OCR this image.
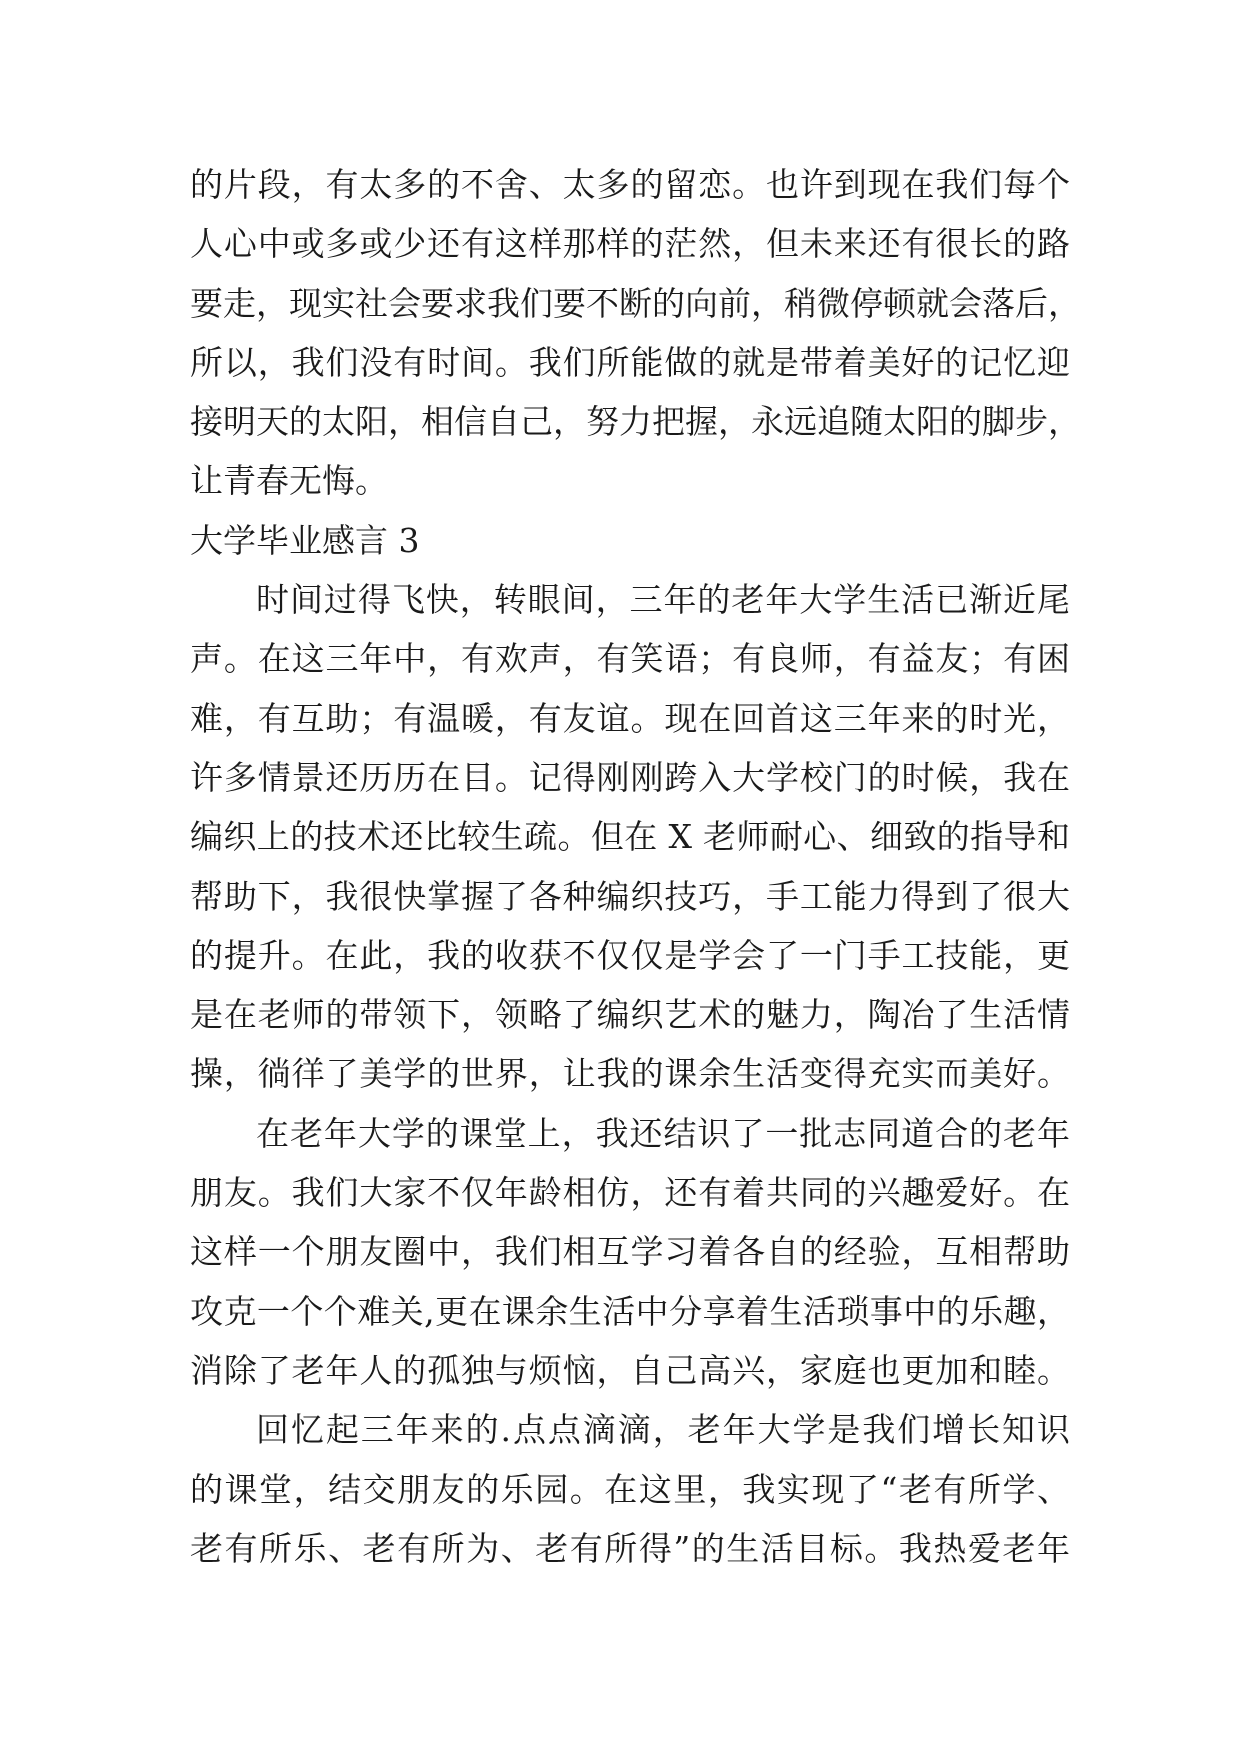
的片段，有太多的不舍、太多的留恋。也许到现在我们每个
人心中或多或少还有这样那样的茫然，但未来还有很长的路
要走，现实社会要求我们要不断的向前，稍微停顿就会落后，
所以，我们没有时间。我们所能做的就是带着美好的记忆迎
接明天的太阳，相信自己，努力把握，永远追随太阳的脚步，
让青春无悔。
大学毕业感言 3
时间过得飞快，转眼间，三年的老年大学生活已渐近尾
声。在这三年中，有欢声，有笑语；有良师，有益友；有困
难，有互助；有温暖，有友谊。现在回首这三年来的时光，
许多情景还历历在目。记得刚刚跨入大学校门的时候，我在
编织上的技术还比较生疏。但在 X 老师耐心、细致的指导和
帮助下，我很快掌握了各种编织技巧，手工能力得到了很大
的提升。在此，我的收获不仅仅是学会了一门手工技能，更
是在老师的带领下，领略了编织艺术的魅力，陶冶了生活情
操，徜徉了美学的世界，让我的课余生活变得充实而美好。
在老年大学的课堂上，我还结识了一批志同道合的老年
朋友。我们大家不仅年龄相仿，还有着共同的兴趣爱好。在
这样一个朋友圈中，我们相互学习着各自的经验，互相帮助
攻克一个个难关,更在课余生活中分享着生活琐事中的乐趣，
消除了老年人的孤独与烦恼，自己高兴，家庭也更加和睦。
回忆起三年来的.点点滴滴，老年大学是我们增长知识
的课堂，结交朋友的乐园。在这里，我实现了“老有所学、
老有所乐、老有所为、老有所得”的生活目标。我热爱老年
